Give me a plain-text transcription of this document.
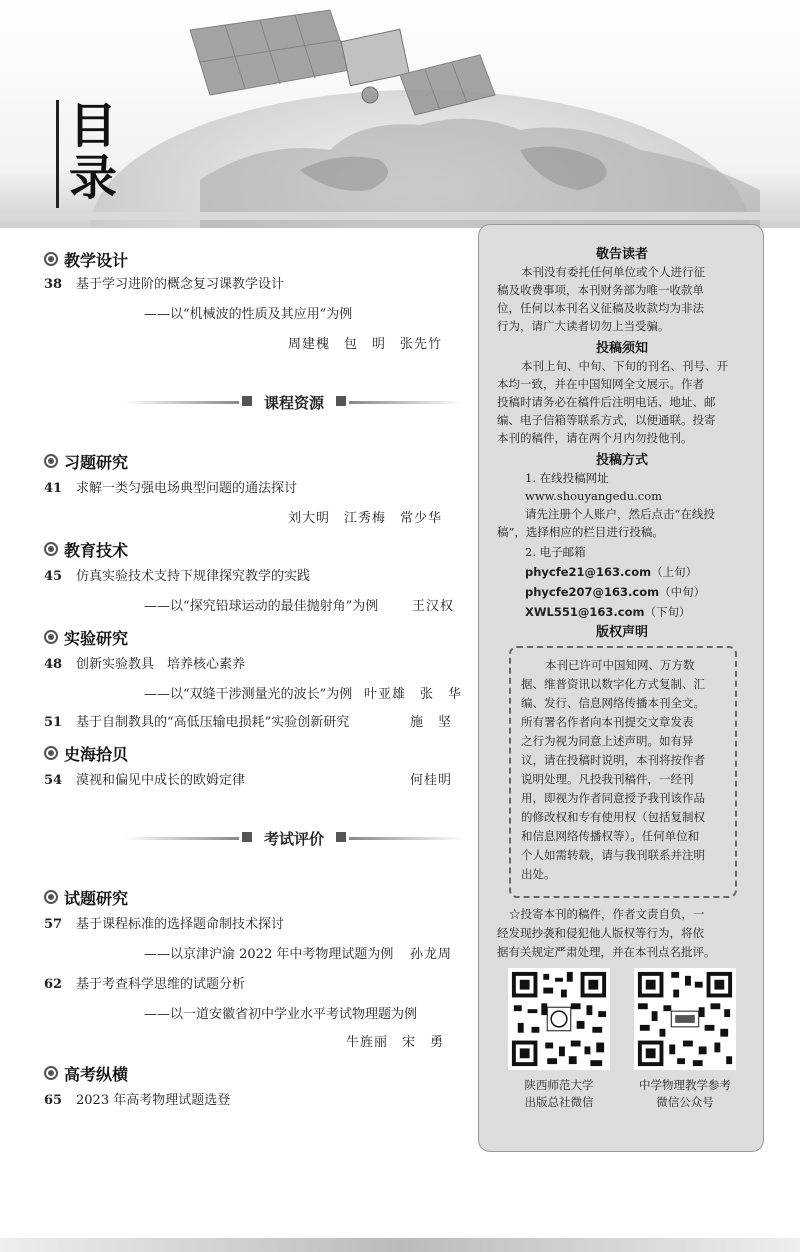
目
录
教学设计
38 基于学习进阶的概念复习课教学设计
——以“机械波的性质及其应用”为例
周建槐　包　明　张先竹
课程资源
习题研究
41 求解一类匀强电场典型问题的通法探讨
刘大明　江秀梅　常少华
教育技术
45 仿真实验技术支持下规律探究教学的实践
——以“探究铅球运动的最佳抛射角”为例	王汉权
实验研究
48 创新实验教具　培养核心素养
——以“双缝干涉测量光的波长”为例 叶亚雄　张　华
51 基于自制教具的“高低压输电损耗”实验创新研究	施　坚
史海拾贝
54 漠视和偏见中成长的欧姆定律	何桂明
考试评价
试题研究
57 基于课程标准的选择题命制技术探讨
——以京津沪渝 2022 年中考物理试题为例 孙龙周
62 基于考查科学思维的试题分析
——以一道安徽省初中学业水平考试物理题为例
牛旌丽　宋　勇
高考纵横
65 2023 年高考物理试题选登
敬告读者
本刊没有委托任何单位或个人进行征
稿及收费事项，本刊财务部为唯一收款单
位，任何以本刊名义征稿及收款均为非法
行为，请广大读者切勿上当受骗。
投稿须知
本刊上旬、中旬、下旬的刊名、刊号、开
本均一致，并在中国知网全文展示。作者
投稿时请务必在稿件后注明电话、地址、邮
编、电子信箱等联系方式，以便通联。投寄
本刊的稿件，请在两个月内勿投他刊。
投稿方式
1. 在线投稿网址
www.shouyangedu.com
请先注册个人账户，然后点击“在线投
稿”，选择相应的栏目进行投稿。
2. 电子邮箱
phycfe21@163.com（上旬）
phycfe207@163.com（中旬）
XWL551@163.com（下旬）
版权声明
本刊已许可中国知网、万方数
据、维普资讯以数字化方式复制、汇
编、发行、信息网络传播本刊全文。
所有署名作者向本刊提交文章发表
之行为视为同意上述声明。如有异
议，请在投稿时说明，本刊将按作者
说明处理。凡投我刊稿件，一经刊
用，即视为作者同意授予我刊该作品
的修改权和专有使用权（包括复制权
和信息网络传播权等）。任何单位和
个人如需转载，请与我刊联系并注明
出处。
☆投寄本刊的稿件，作者文责自负，一
经发现抄袭和侵犯他人版权等行为，将依
据有关规定严肃处理，并在本刊点名批评。
陕西师范大学
出版总社微信
中学物理教学参考
微信公众号
